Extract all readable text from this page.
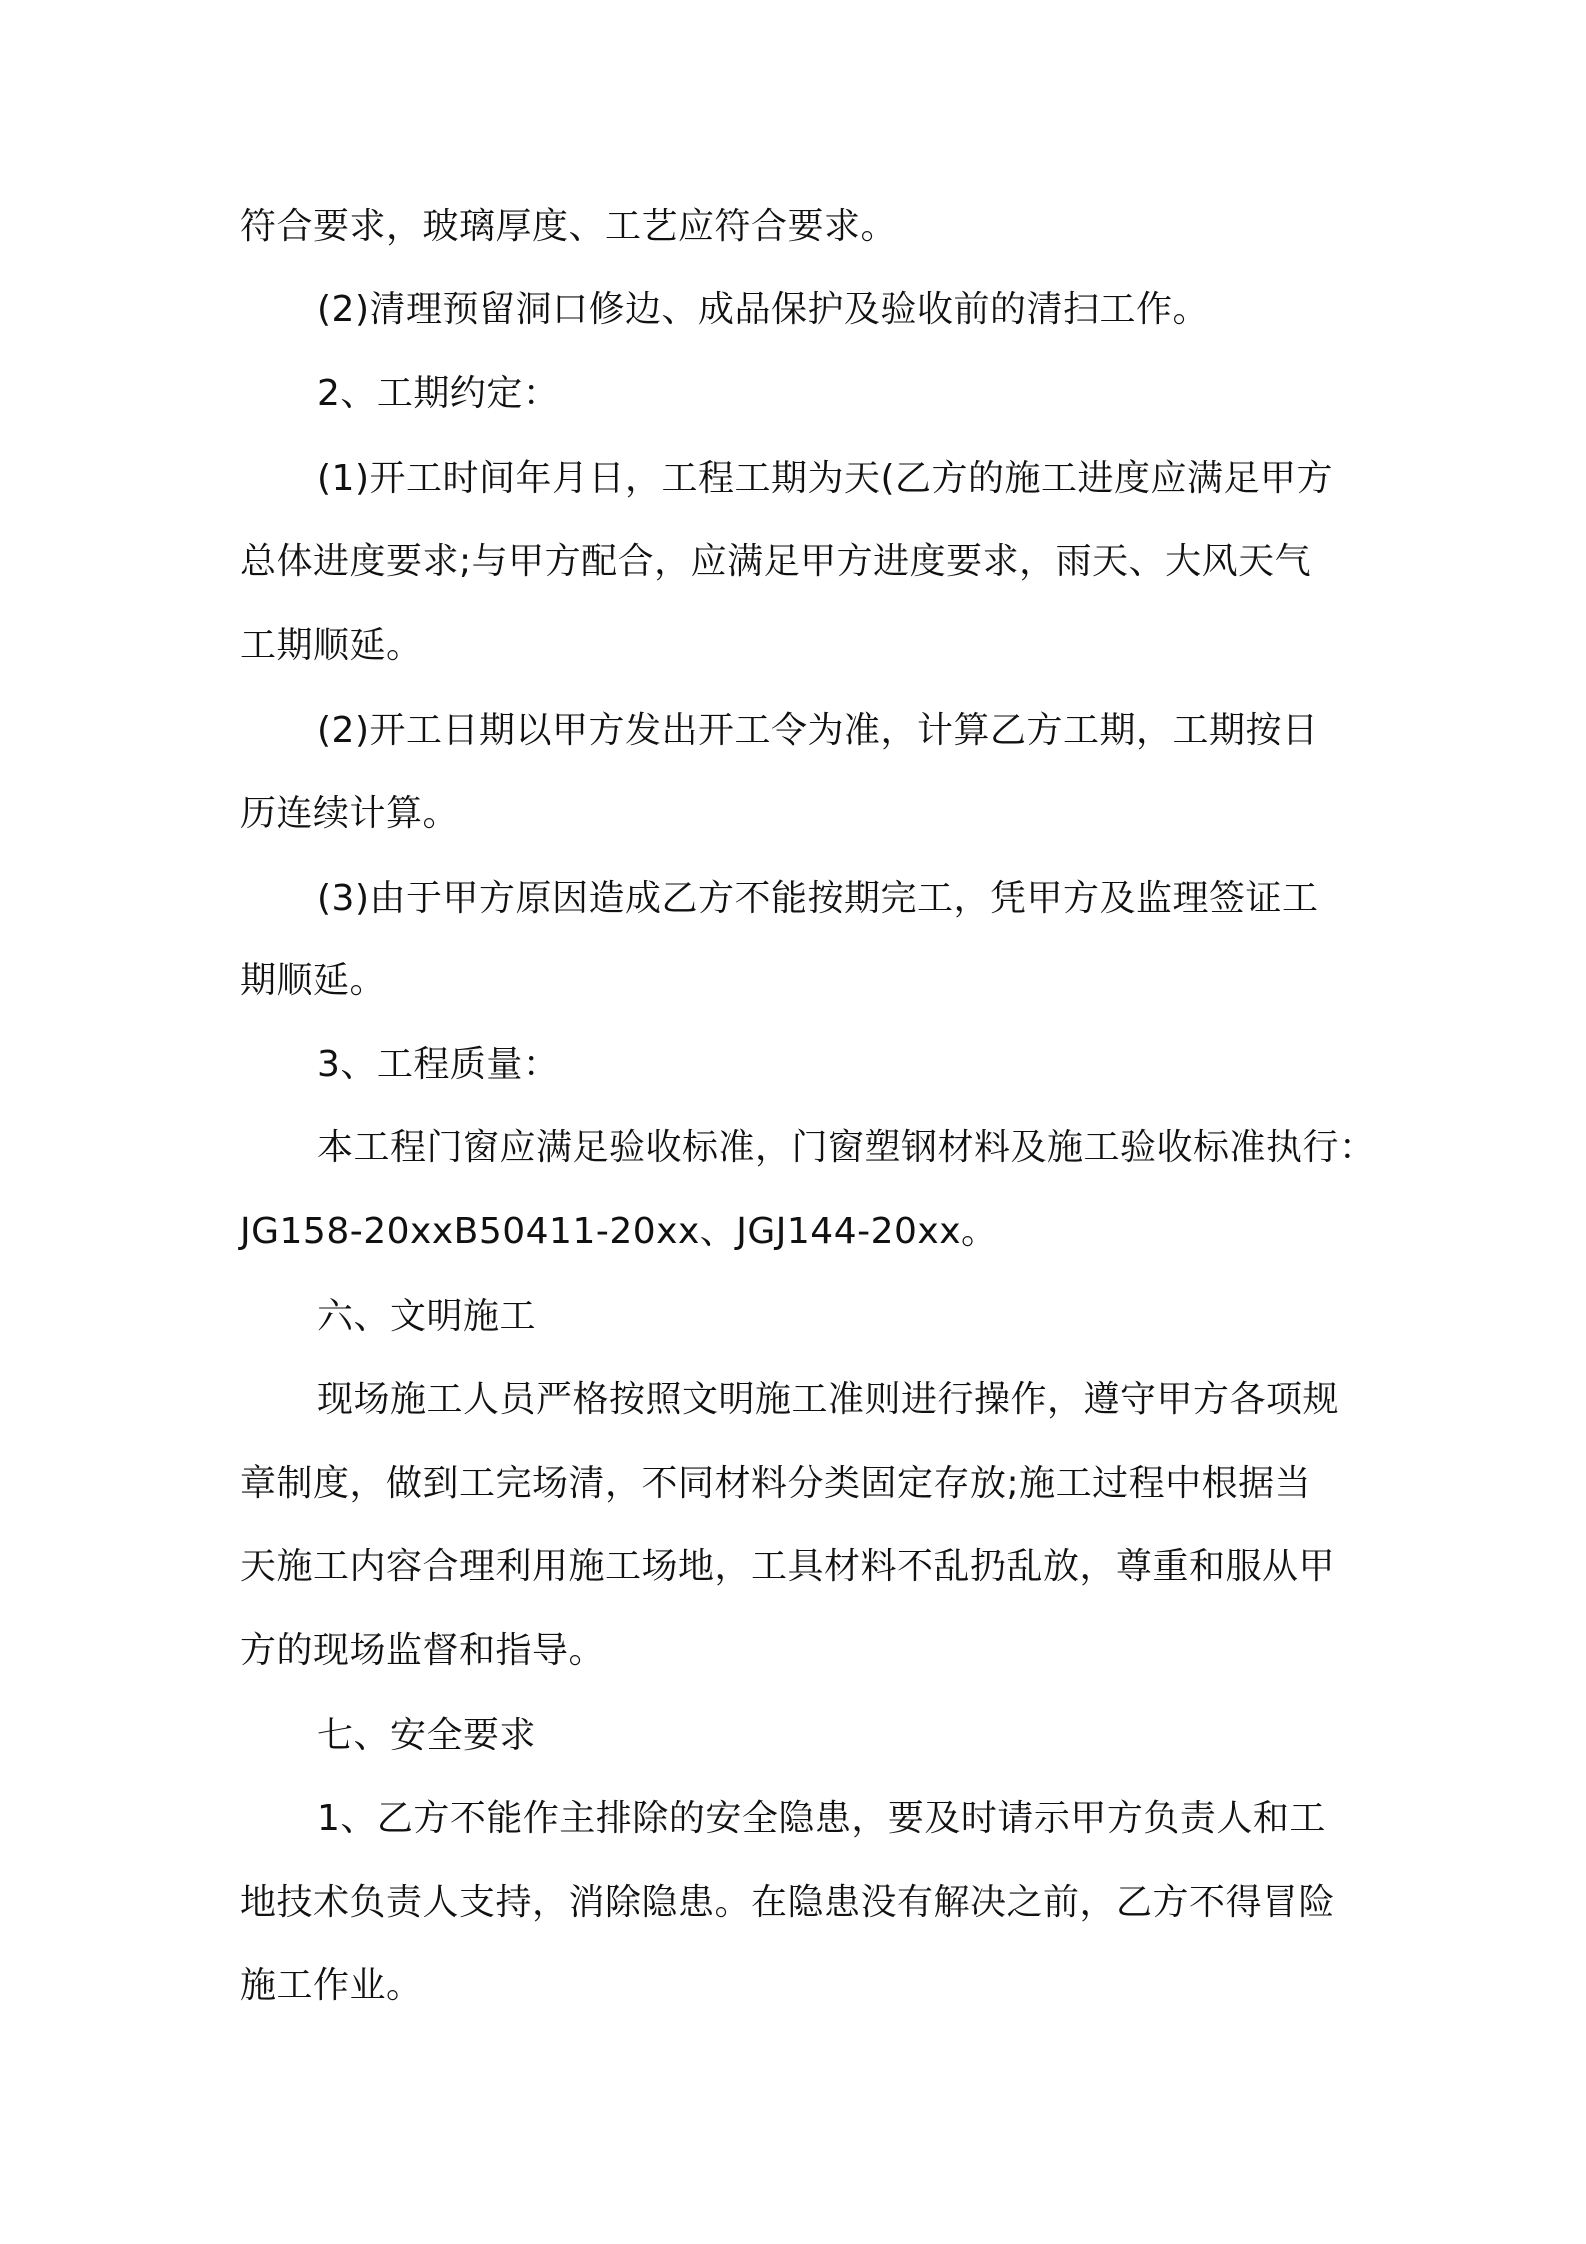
符合要求，玻璃厚度、工艺应符合要求。
(2)清理预留洞口修边、成品保护及验收前的清扫工作。
2、工期约定：
(1)开工时间年月日，工程工期为天(乙方的施工进度应满足甲方
总体进度要求;与甲方配合，应满足甲方进度要求，雨天、大风天气
工期顺延。
(2)开工日期以甲方发出开工令为准，计算乙方工期，工期按日
历连续计算。
(3)由于甲方原因造成乙方不能按期完工，凭甲方及监理签证工
期顺延。
3、工程质量：
本工程门窗应满足验收标准，门窗塑钢材料及施工验收标准执行：
JG158-20xxB50411-20xx、JGJ144-20xx。
六、文明施工
现场施工人员严格按照文明施工准则进行操作，遵守甲方各项规
章制度，做到工完场清，不同材料分类固定存放;施工过程中根据当
天施工内容合理利用施工场地，工具材料不乱扔乱放，尊重和服从甲
方的现场监督和指导。
七、安全要求
1、乙方不能作主排除的安全隐患，要及时请示甲方负责人和工
地技术负责人支持，消除隐患。在隐患没有解决之前，乙方不得冒险
施工作业。
